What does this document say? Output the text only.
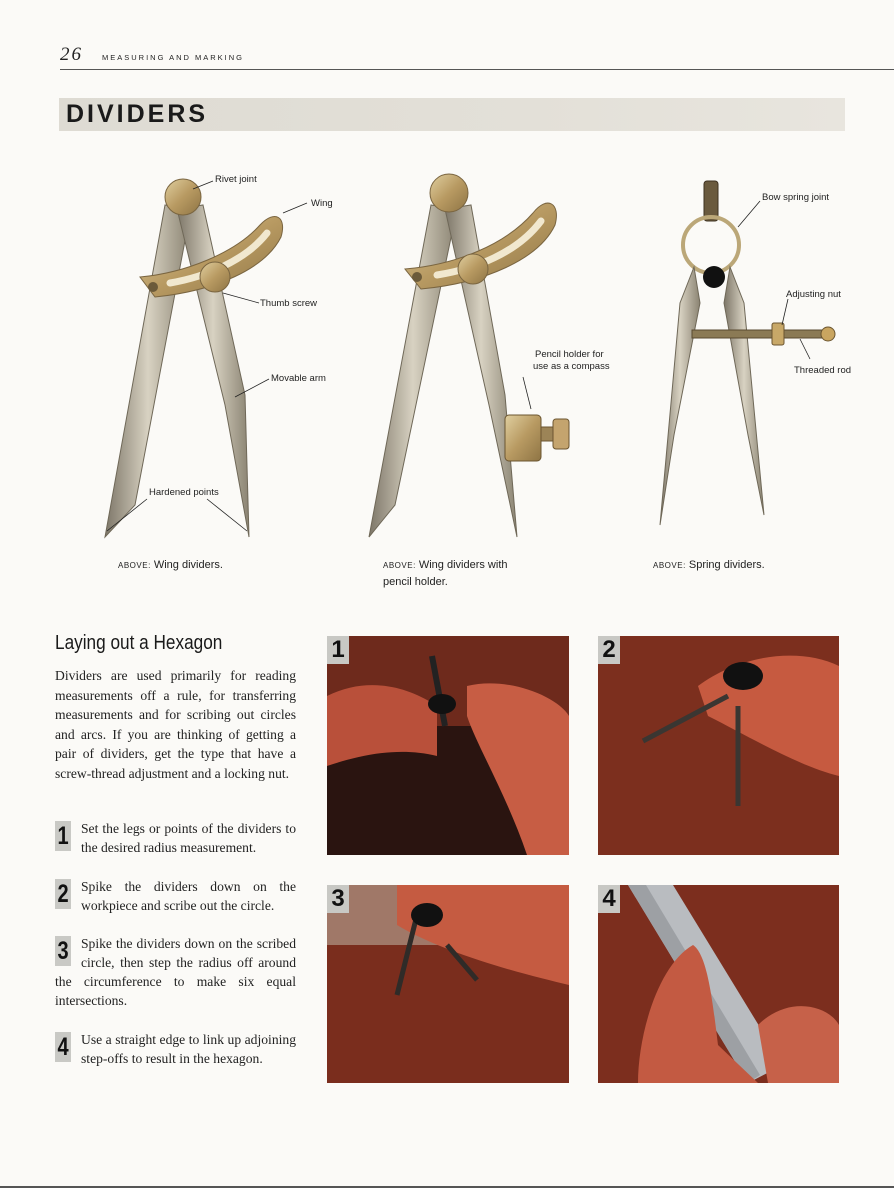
26	MEASURING AND MARKING
DIVIDERS
Rivet joint
Wing
Thumb screw
Movable arm
Hardened points
Pencil holder for
use as a compass
Bow spring joint
Adjusting nut
Threaded rod
ABOVE: Wing dividers.	ABOVE: Wing dividers with pencil holder.
ABOVE: Spring dividers.
Laying out a Hexagon
Dividers are used primarily for reading measurements off a rule, for transferring measurements and for scribing out circles and arcs. If you are thinking of getting a pair of dividers, get the type that have a screw-thread adjustment and a locking nut.
1 Set the legs or points of the dividers to the desired radius measurement.
2 Spike the dividers down on the workpiece and scribe out the circle.
3 Spike the dividers down on the scribed circle, then step the radius off around the circumference to make six equal intersections.
4 Use a straight edge to link up adjoining step-offs to result in the hexagon.
1	2
3	4
